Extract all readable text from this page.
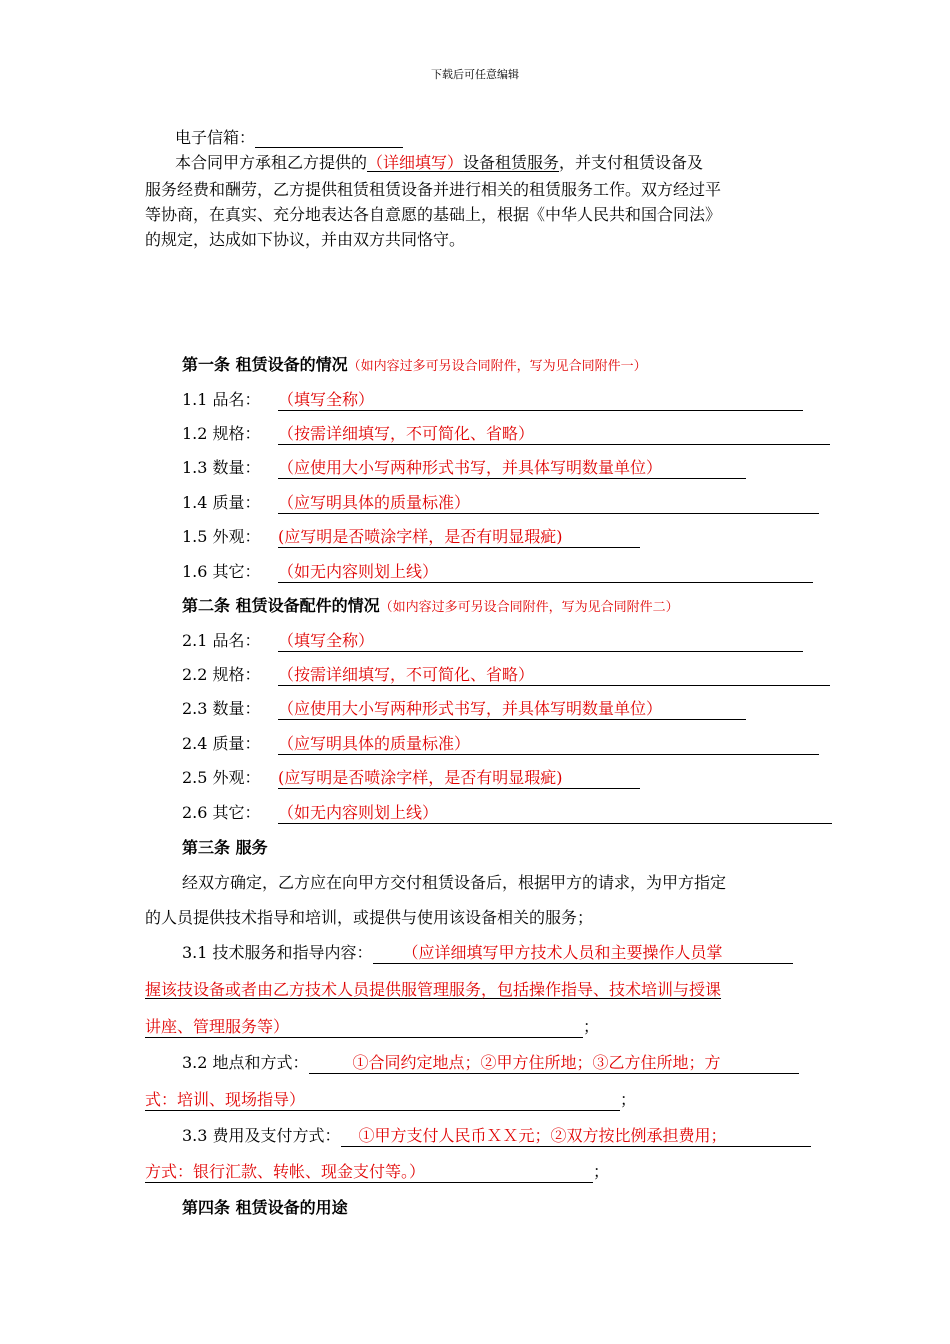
下载后可任意编辑
电子信箱：
本合同甲方承租乙方提供的（详细填写）设备租赁服务，并支付租赁设备及
服务经费和酬劳，乙方提供租赁租赁设备并进行相关的租赁服务工作。双方经过平
等协商，在真实、充分地表达各自意愿的基础上，根据《中华人民共和国合同法》
的规定，达成如下协议，并由双方共同恪守。
第一条 租赁设备的情况（如内容过多可另设合同附件，写为见合同附件一）
1.1 品名： （填写全称）
1.2 规格： （按需详细填写，不可简化、省略）
1.3 数量： （应使用大小写两种形式书写，并具体写明数量单位）
1.4 质量： （应写明具体的质量标准）
1.5 外观： (应写明是否喷涂字样，是否有明显瑕疵)
1.6 其它： （如无内容则划上线）
第二条 租赁设备配件的情况（如内容过多可另设合同附件，写为见合同附件二）
2.1 品名： （填写全称）
2.2 规格： （按需详细填写，不可简化、省略）
2.3 数量： （应使用大小写两种形式书写，并具体写明数量单位）
2.4 质量： （应写明具体的质量标准）
2.5 外观： (应写明是否喷涂字样，是否有明显瑕疵)
2.6 其它： （如无内容则划上线）
第三条 服务
经双方确定，乙方应在向甲方交付租赁设备后，根据甲方的请求，为甲方指定
的人员提供技术指导和培训，或提供与使用该设备相关的服务；
3.1 技术服务和指导内容： （应详细填写甲方技术人员和主要操作人员掌
握该技设备或者由乙方技术人员提供服管理服务，包括操作指导、技术培训与授课
讲座、管理服务等）	；
3.2 地点和方式：	①合同约定地点；②甲方住所地；③乙方住所地；方
式：培训、现场指导）	；
3.3 费用及支付方式： ①甲方支付人民币ＸＸ元；②双方按比例承担费用；
方式：银行汇款、转帐、现金支付等。）	；
第四条 租赁设备的用途
